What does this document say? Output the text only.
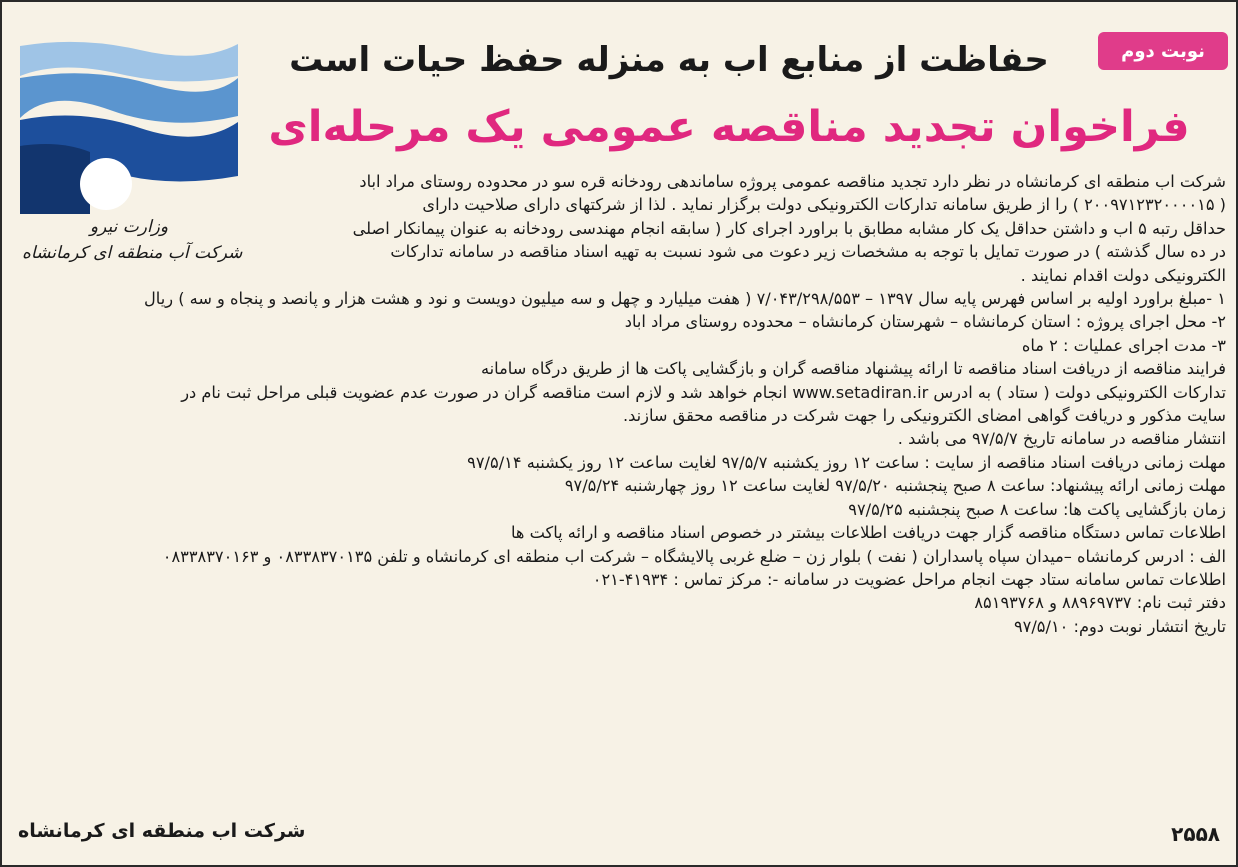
وزارت نیرو
شرکت آب منطقه ای کرمانشاه
نوبت دوم
حفاظت از منابع اب به منزله حفظ حیات است
فراخوان تجدید مناقصه عمومی یک مرحله‌ای
شرکت اب منطقه ای کرمانشاه در نظر دارد تجدید مناقصه عمومی پروژه ساماندهی رودخانه قره سو در محدوده روستای مراد اباد
( ۲۰۰۹۷۱۲۳۲۰۰۰۰۱۵ ) را از طریق سامانه تدارکات الکترونیکی دولت برگزار نماید . لذا از شرکتهای دارای صلاحیت دارای
حداقل رتبه ۵ اب و داشتن حداقل یک کار مشابه مطابق با براورد اجرای کار ( سابقه انجام مهندسی رودخانه به عنوان پیمانکار اصلی
در ده سال گذشته ) در صورت تمایل با توجه به مشخصات زیر دعوت می شود نسبت به تهیه اسناد مناقصه در سامانه تدارکات
الکترونیکی دولت اقدام نمایند .
۱ -مبلغ براورد اولیه بر اساس فهرس پایه سال ۱۳۹۷ – ۷/۰۴۳/۲۹۸/۵۵۳ ( هفت میلیارد و چهل و سه میلیون دویست و نود و هشت هزار و پانصد و پنجاه و سه ) ریال
۲- محل اجرای پروژه : استان کرمانشاه – شهرستان کرمانشاه – محدوده روستای مراد اباد
۳- مدت اجرای عملیات : ۲ ماه
فرایند مناقصه از دریافت اسناد مناقصه تا ارائه پیشنهاد مناقصه گران و بازگشایی پاکت ها از طریق درگاه سامانه
تدارکات الکترونیکی دولت ( ستاد ) به ادرس www.setadiran.ir انجام خواهد شد و لازم است مناقصه گران در صورت عدم عضویت قبلی مراحل ثبت نام در
سایت مذکور و دریافت گواهی امضای الکترونیکی را جهت شرکت در مناقصه محقق سازند.
انتشار مناقصه در سامانه تاریخ ۹۷/۵/۷ می باشد .
مهلت زمانی دریافت اسناد مناقصه از سایت : ساعت ۱۲ روز یکشنبه ۹۷/۵/۷ لغایت ساعت ۱۲ روز یکشنبه ۹۷/۵/۱۴
مهلت زمانی ارائه پیشنهاد: ساعت ۸ صبح پنجشنبه ۹۷/۵/۲۰ لغایت ساعت ۱۲ روز چهارشنبه ۹۷/۵/۲۴
زمان بازگشایی پاکت ها: ساعت ۸ صبح پنجشنبه ۹۷/۵/۲۵
اطلاعات تماس دستگاه مناقصه گزار جهت دریافت اطلاعات بیشتر در خصوص اسناد مناقصه و ارائه پاکت ها
الف : ادرس کرمانشاه –میدان سپاه پاسداران ( نفت ) بلوار زن – ضلع غربی پالایشگاه – شرکت اب منطقه ای کرمانشاه و تلفن ۰۸۳۳۸۳۷۰۱۳۵ و ۰۸۳۳۸۳۷۰۱۶۳
اطلاعات تماس سامانه ستاد جهت انجام مراحل عضویت در سامانه -: مرکز تماس : ۴۱۹۳۴-۰۲۱
دفتر ثبت نام: ۸۸۹۶۹۷۳۷ و ۸۵۱۹۳۷۶۸
تاریخ انتشار نوبت دوم: ۹۷/۵/۱۰
شرکت اب منطقه ای کرمانشاه	۲۵۵۸
